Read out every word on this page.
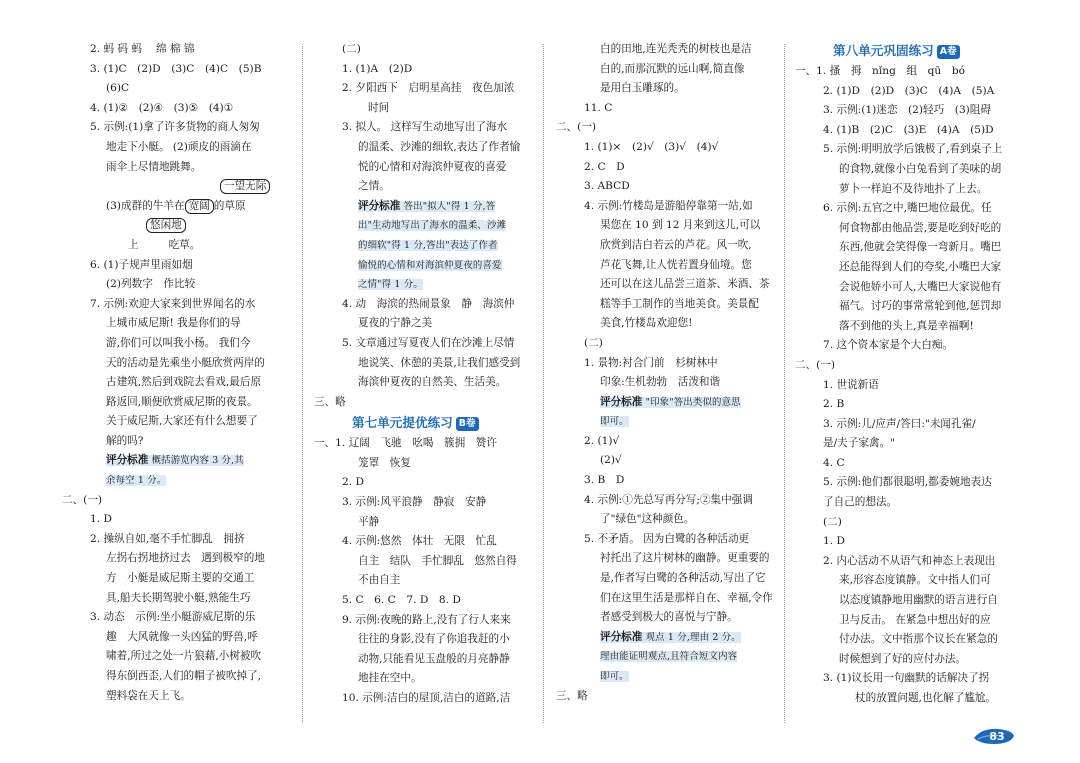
2. 蚂 码 蚂　 绵 棉 锦
3. (1)C　(2)D　(3)C　(4)C　(5)B
(6)C
4. (1)②　(2)④　(3)⑤　(4)①
5. 示例:(1)拿了许多货物的商人匆匆
地走下小艇。 (2)顽皮的雨滴在
雨伞上尽情地跳舞。
一望无际
(3)成群的牛羊在 宽阔 的草原
悠闲地
上	吃草。
6. (1)子规声里雨如烟
(2)列数字　作比较
7. 示例:欢迎大家来到世界闻名的水
上城市威尼斯! 我是你们的导
游,你们可以叫我小杨。 我们今
天的活动是先乘坐小艇欣赏两岸的
古建筑,然后到戏院去看戏,最后原
路返回,顺便欣赏威尼斯的夜景。
关于威尼斯,大家还有什么想要了
解的吗?
评分标准 概括游览内容 3 分,其
余每空 1 分。
二、(一)
1. D
2. 操纵自如,毫不手忙脚乱　拥挤
左拐右拐地挤过去　遇到极窄的地
方　小艇是威尼斯主要的交通工
具,船夫长期驾驶小艇,熟能生巧
3. 动态　示例:坐小艇游威尼斯的乐
趣　大风就像一头凶猛的野兽,呼
啸着,所过之处一片狼藉,小树被吹
得东倒西歪,人们的帽子被吹掉了,
塑料袋在天上飞。
(二)
1. (1)A　(2)D
2. 夕阳西下　启明星高挂　夜色加浓
时间
3. 拟人。 这样写生动地写出了海水
的温柔、沙滩的细软,表达了作者愉
悦的心情和对海滨仲夏夜的喜爱
之情。
评分标准 答出"拟人"得 1 分,答
出"生动地写出了海水的温柔、沙滩
的细软"得 1 分,答出"表达了作者
愉悦的心情和对海滨仲夏夜的喜爱
之情"得 1 分。
4. 动　海滨的热闹景象　静　海滨仲
夏夜的宁静之美
5. 文章通过写夏夜人们在沙滩上尽情
地说笑、休憩的美景,让我们感受到
海滨仲夏夜的自然美、生活美。
三、略
第七单元提优练习 B卷
一、1. 辽阔　飞驰　吆喝　簇拥　赞许
笼罩　恢复
2. D
3. 示例:风平浪静　静寂　安静
平静
4. 示例:悠然　体壮　无限　忙乱
自主　结队　手忙脚乱　悠然自得
不由自主
5. C　6. C　7. D　8. D
9. 示例:夜晚的路上,没有了行人来来
往往的身影,没有了你追我赶的小
动物,只能看见玉盘般的月亮静静
地挂在空中。
10. 示例:洁白的屋顶,洁白的道路,洁
白的田地,连光秃秃的树枝也是洁
白的,而那沉默的远山啊,简直像
是用白玉雕琢的。
11. C
二、(一)
1. (1)×　(2)√　(3)√　(4)√
2. C　D
3. ABCD
4. 示例:竹楼岛是游船停靠第一站,如
果您在 10 到 12 月来到这儿,可以
欣赏到洁白若云的芦花。风一吹,
芦花飞舞,让人恍若置身仙境。您
还可以在这儿品尝三道茶、米酒、茶
糕等手工制作的当地美食。美景配
美食,竹楼岛欢迎您!
(二)
1. 景物:衬合门前　杉树林中
印象:生机勃勃　活泼和谐
评分标准 "印象"答出类似的意思
即可。
2. (1)√
(2)√
3. B　D
4. 示例:①先总写再分写;②集中强调
了"绿色"这种颜色。
5. 不矛盾。 因为白鹭的各种活动更
衬托出了这片树林的幽静。更重要的
是,作者写白鹭的各种活动,写出了它
们在这里生活是那样自在、幸福,令作
者感受到极大的喜悦与宁静。
评分标准 观点 1 分,理由 2 分。
理由能证明观点,且符合短文内容
即可。
三、略
第八单元巩固练习 A卷
一、1. 搔　拇　nǐng　组　qū　bó
2. (1)D　(2)D　(3)C　(4)A　(5)A
3. 示例:(1)迷恋　(2)轻巧　(3)阻碍
4. (1)B　(2)C　(3)E　(4)A　(5)D
5. 示例:明明放学后饿极了,看到桌子上
的食物,就像小白兔看到了美味的胡
萝卜一样迫不及待地扑了上去。
6. 示例:五官之中,嘴巴地位最优。任
何食物都由他品尝,要是吃到好吃的
东西,他就会笑得像一弯新月。嘴巴
还总能得到人们的夸奖,小嘴巴大家
会说他娇小可人,大嘴巴大家说他有
福气。讨巧的事常常轮到他,惩罚却
落不到他的头上,真是幸福啊!
7. 这个资本家是个大白痴。
二、(一)
1. 世说新语
2. B
3. 示例:儿/应声/答曰:"未闻孔雀/
是/夫子家禽。"
4. C
5. 示例:他们都很聪明,都委婉地表达
了自己的想法。
(二)
1. D
2. 内心活动不从语气和神态上表现出
来,形容态度镇静。文中指人们可
以态度镇静地用幽默的语言进行自
卫与反击。 在紧急中想出好的应
付办法。文中指那个议长在紧急的
时候想到了好的应付办法。
3. (1)议长用一句幽默的话解决了拐
杖的放置问题,也化解了尴尬。
83
